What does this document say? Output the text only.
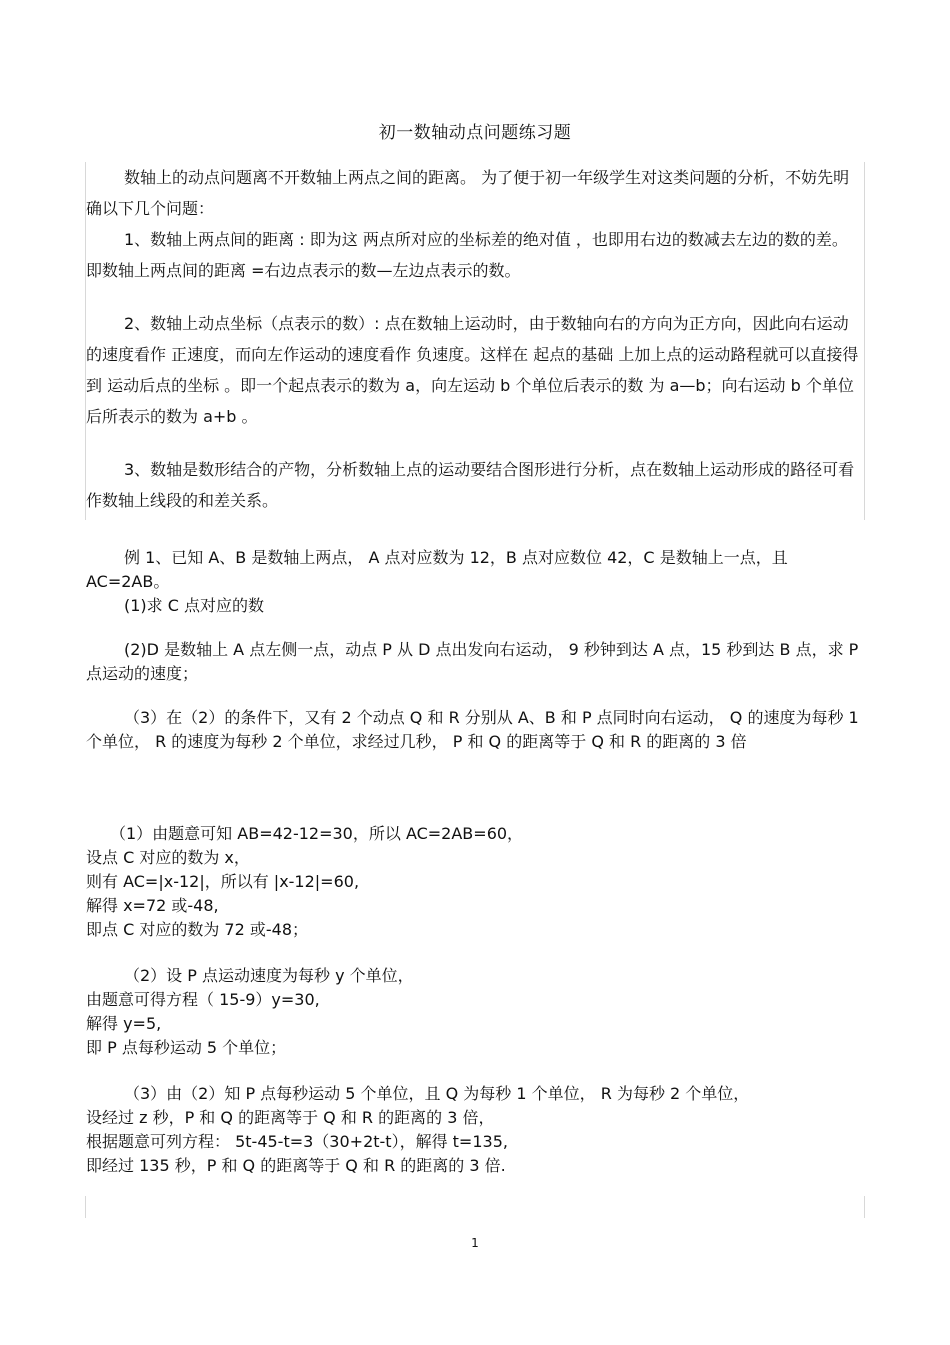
初一数轴动点问题练习题

数轴上的动点问题离不开数轴上两点之间的距离。 为了便于初一年级学生对这类问题的分析，不妨先明确以下几个问题：

1、数轴上两点间的距离 : 即为这 两点所对应的坐标差的绝对值 ，也即用右边的数减去左边的数的差。 即数轴上两点间的距离 =右边点表示的数—左边点表示的数。

2、数轴上动点坐标（点表示的数）: 点在数轴上运动时，由于数轴向右的方向为正方向，因此向右运动的速度看作 正速度，而向左作运动的速度看作 负速度。这样在 起点的基础 上加上点的运动路程就可以直接得到 运动后点的坐标 。即一个起点表示的数为 a，向左运动 b 个单位后表示的数 为 a—b；向右运动 b 个单位后所表示的数为 a+b 。

3、数轴是数形结合的产物，分析数轴上点的运动要结合图形进行分析，点在数轴上运动形成的路径可看作数轴上线段的和差关系。

例 1、已知 A、B 是数轴上两点， A 点对应数为 12，B 点对应数位 42，C 是数轴上一点，且 AC=2AB。

(1)求 C 点对应的数

(2)D 是数轴上 A 点左侧一点，动点 P 从 D 点出发向右运动， 9 秒钟到达 A 点，15 秒到达 B 点，求 P 点运动的速度；

（3）在（2）的条件下，又有 2 个动点 Q 和 R 分别从 A、B 和 P 点同时向右运动， Q 的速度为每秒 1 个单位， R 的速度为每秒 2 个单位，求经过几秒， P 和 Q 的距离等于 Q 和 R 的距离的 3 倍

（1）由题意可知 AB=42-12=30，所以 AC=2AB=60，

设点 C 对应的数为 x，

则有 AC=|x-12|，所以有 |x-12|=60,

解得 x=72 或-48,

即点 C 对应的数为 72 或-48；

（2）设 P 点运动速度为每秒 y 个单位，

由题意可得方程（ 15-9）y=30,

解得 y=5,

即 P 点每秒运动 5 个单位；

（3）由（2）知 P 点每秒运动 5 个单位，且 Q 为每秒 1 个单位， R 为每秒 2 个单位，

设经过 z 秒，P 和 Q 的距离等于 Q 和 R 的距离的 3 倍，

根据题意可列方程： 5t-45-t=3（30+2t-t），解得 t=135,

即经过 135 秒，P 和 Q 的距离等于 Q 和 R 的距离的 3 倍.

1
